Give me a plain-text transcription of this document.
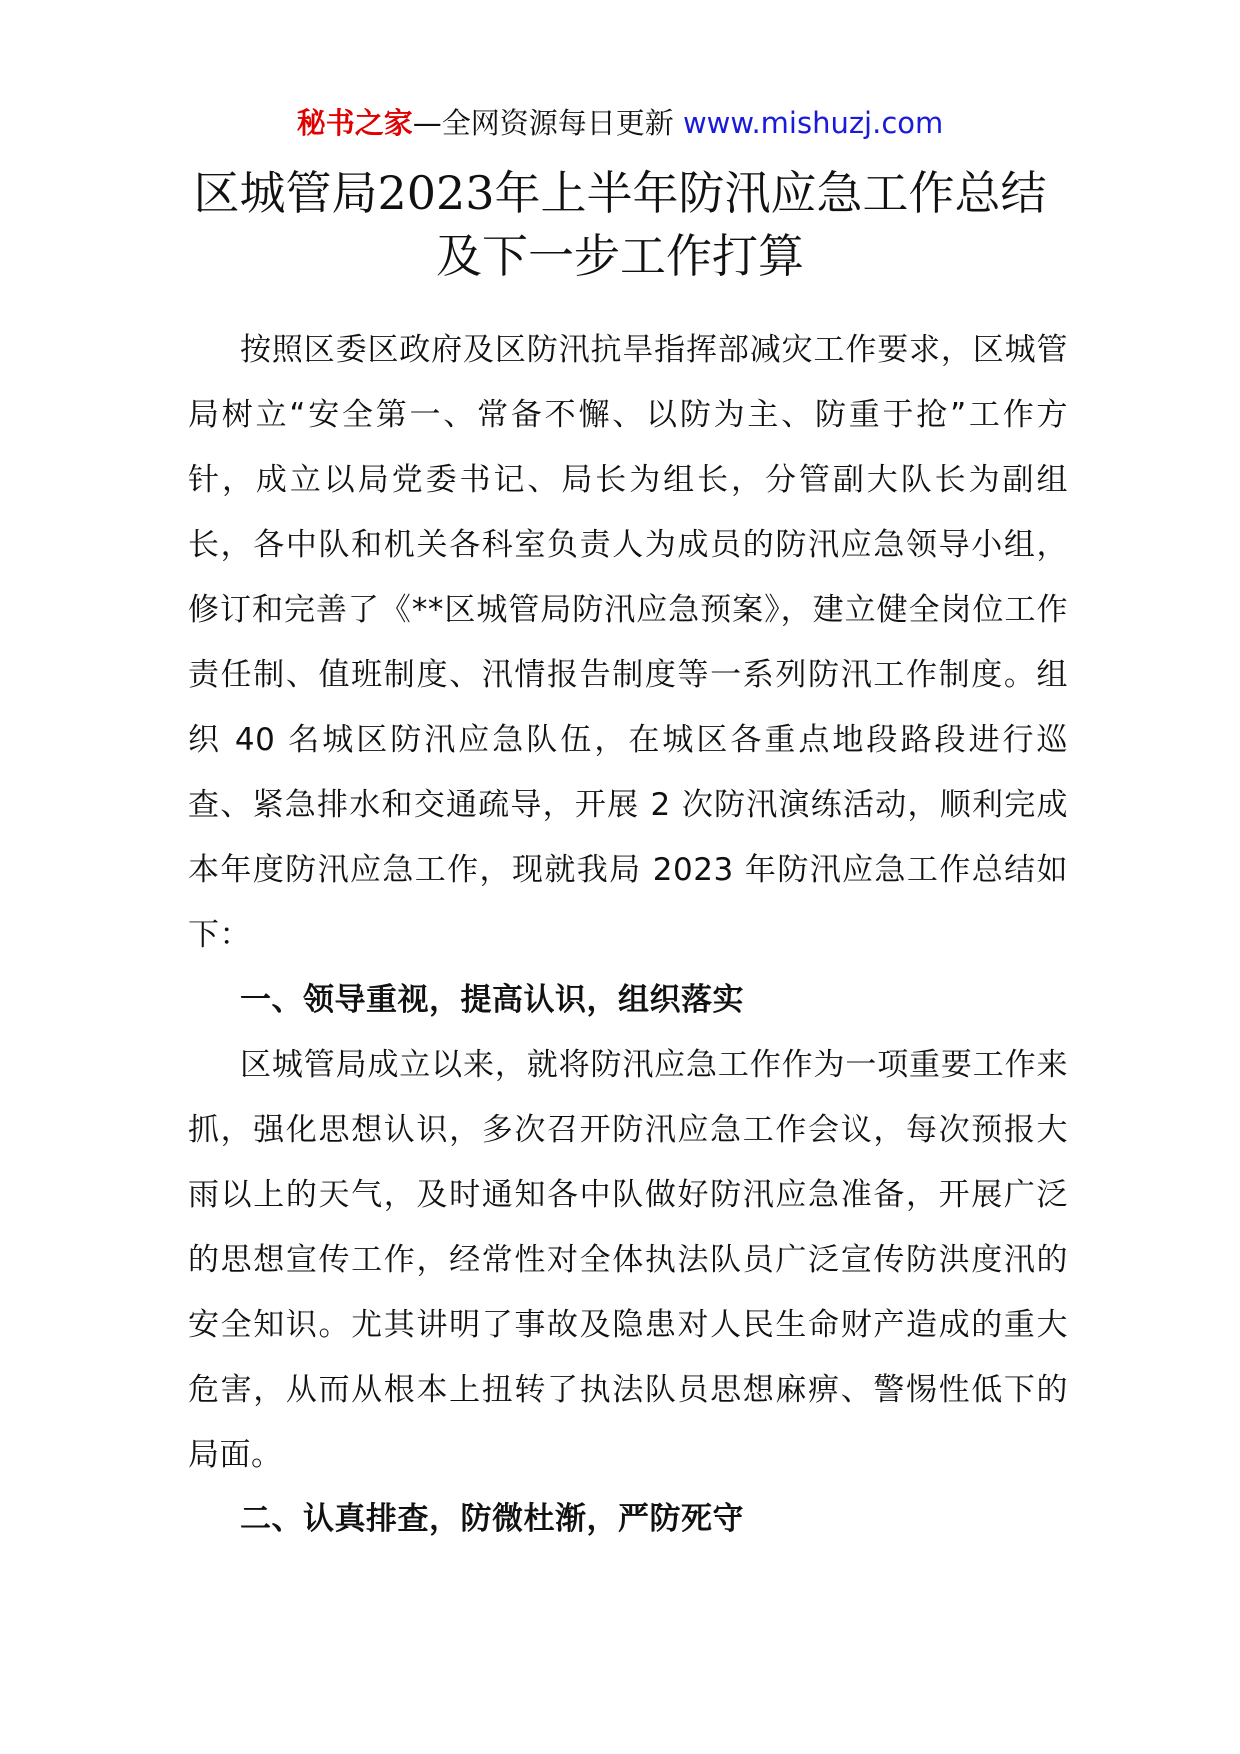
秘书之家—全网资源每日更新 www.mishuzj.com
区城管局2023年上半年防汛应急工作总结
及下一步工作打算

按照区委区政府及区防汛抗旱指挥部减灾工作要求，区城管局树立“安全第一、常备不懈、以防为主、防重于抢”工作方针，成立以局党委书记、局长为组长，分管副大队长为副组长，各中队和机关各科室负责人为成员的防汛应急领导小组，修订和完善了《**区城管局防汛应急预案》，建立健全岗位工作责任制、值班制度、汛情报告制度等一系列防汛工作制度。组织 40 名城区防汛应急队伍，在城区各重点地段路段进行巡查、紧急排水和交通疏导，开展 2 次防汛演练活动，顺利完成本年度防汛应急工作，现就我局 2023 年防汛应急工作总结如下：

一、领导重视，提高认识，组织落实

区城管局成立以来，就将防汛应急工作作为一项重要工作来抓，强化思想认识，多次召开防汛应急工作会议，每次预报大雨以上的天气，及时通知各中队做好防汛应急准备，开展广泛的思想宣传工作，经常性对全体执法队员广泛宣传防洪度汛的安全知识。尤其讲明了事故及隐患对人民生命财产造成的重大危害，从而从根本上扭转了执法队员思想麻痹、警惕性低下的局面。

二、认真排查，防微杜渐，严防死守
